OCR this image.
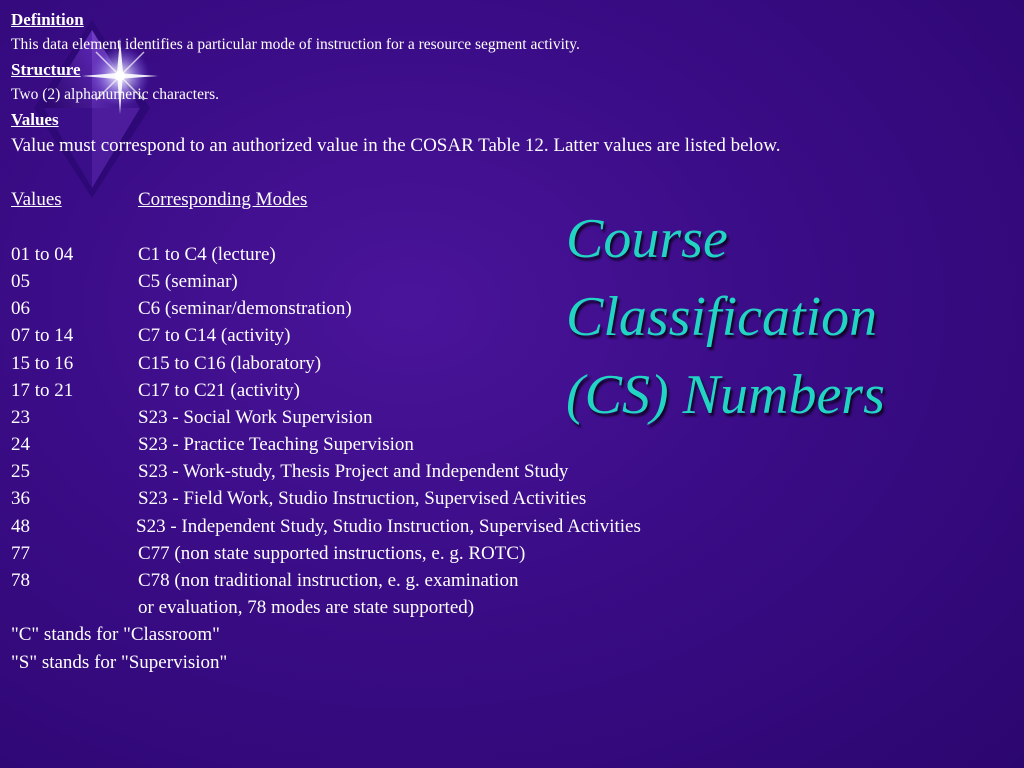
Definition
This data element identifies a particular mode of instruction for a resource segment activity.
Structure
Two (2) alphanumeric characters.
Values
Value must correspond to an authorized value in the COSAR Table 12. Latter values are listed below.
Values	Corresponding Modes
01 to 04	C1 to C4 (lecture)
05	C5 (seminar)
06	C6 (seminar/demonstration)
07 to 14	C7 to C14 (activity)
15 to 16	C15 to C16 (laboratory)
17 to 21	C17 to C21 (activity)
23	S23 - Social Work Supervision
24	S23 - Practice Teaching Supervision
25	S23 - Work-study, Thesis Project and Independent Study
36	S23 - Field Work, Studio Instruction, Supervised Activities
48	S23 - Independent Study, Studio Instruction, Supervised Activities
77	C77 (non state supported instructions, e. g. ROTC)
78	C78 (non traditional instruction, e. g. examination
or evaluation, 78 modes are state supported)
"C" stands for "Classroom"
"S" stands for "Supervision"
Course
Classification
(CS) Numbers
